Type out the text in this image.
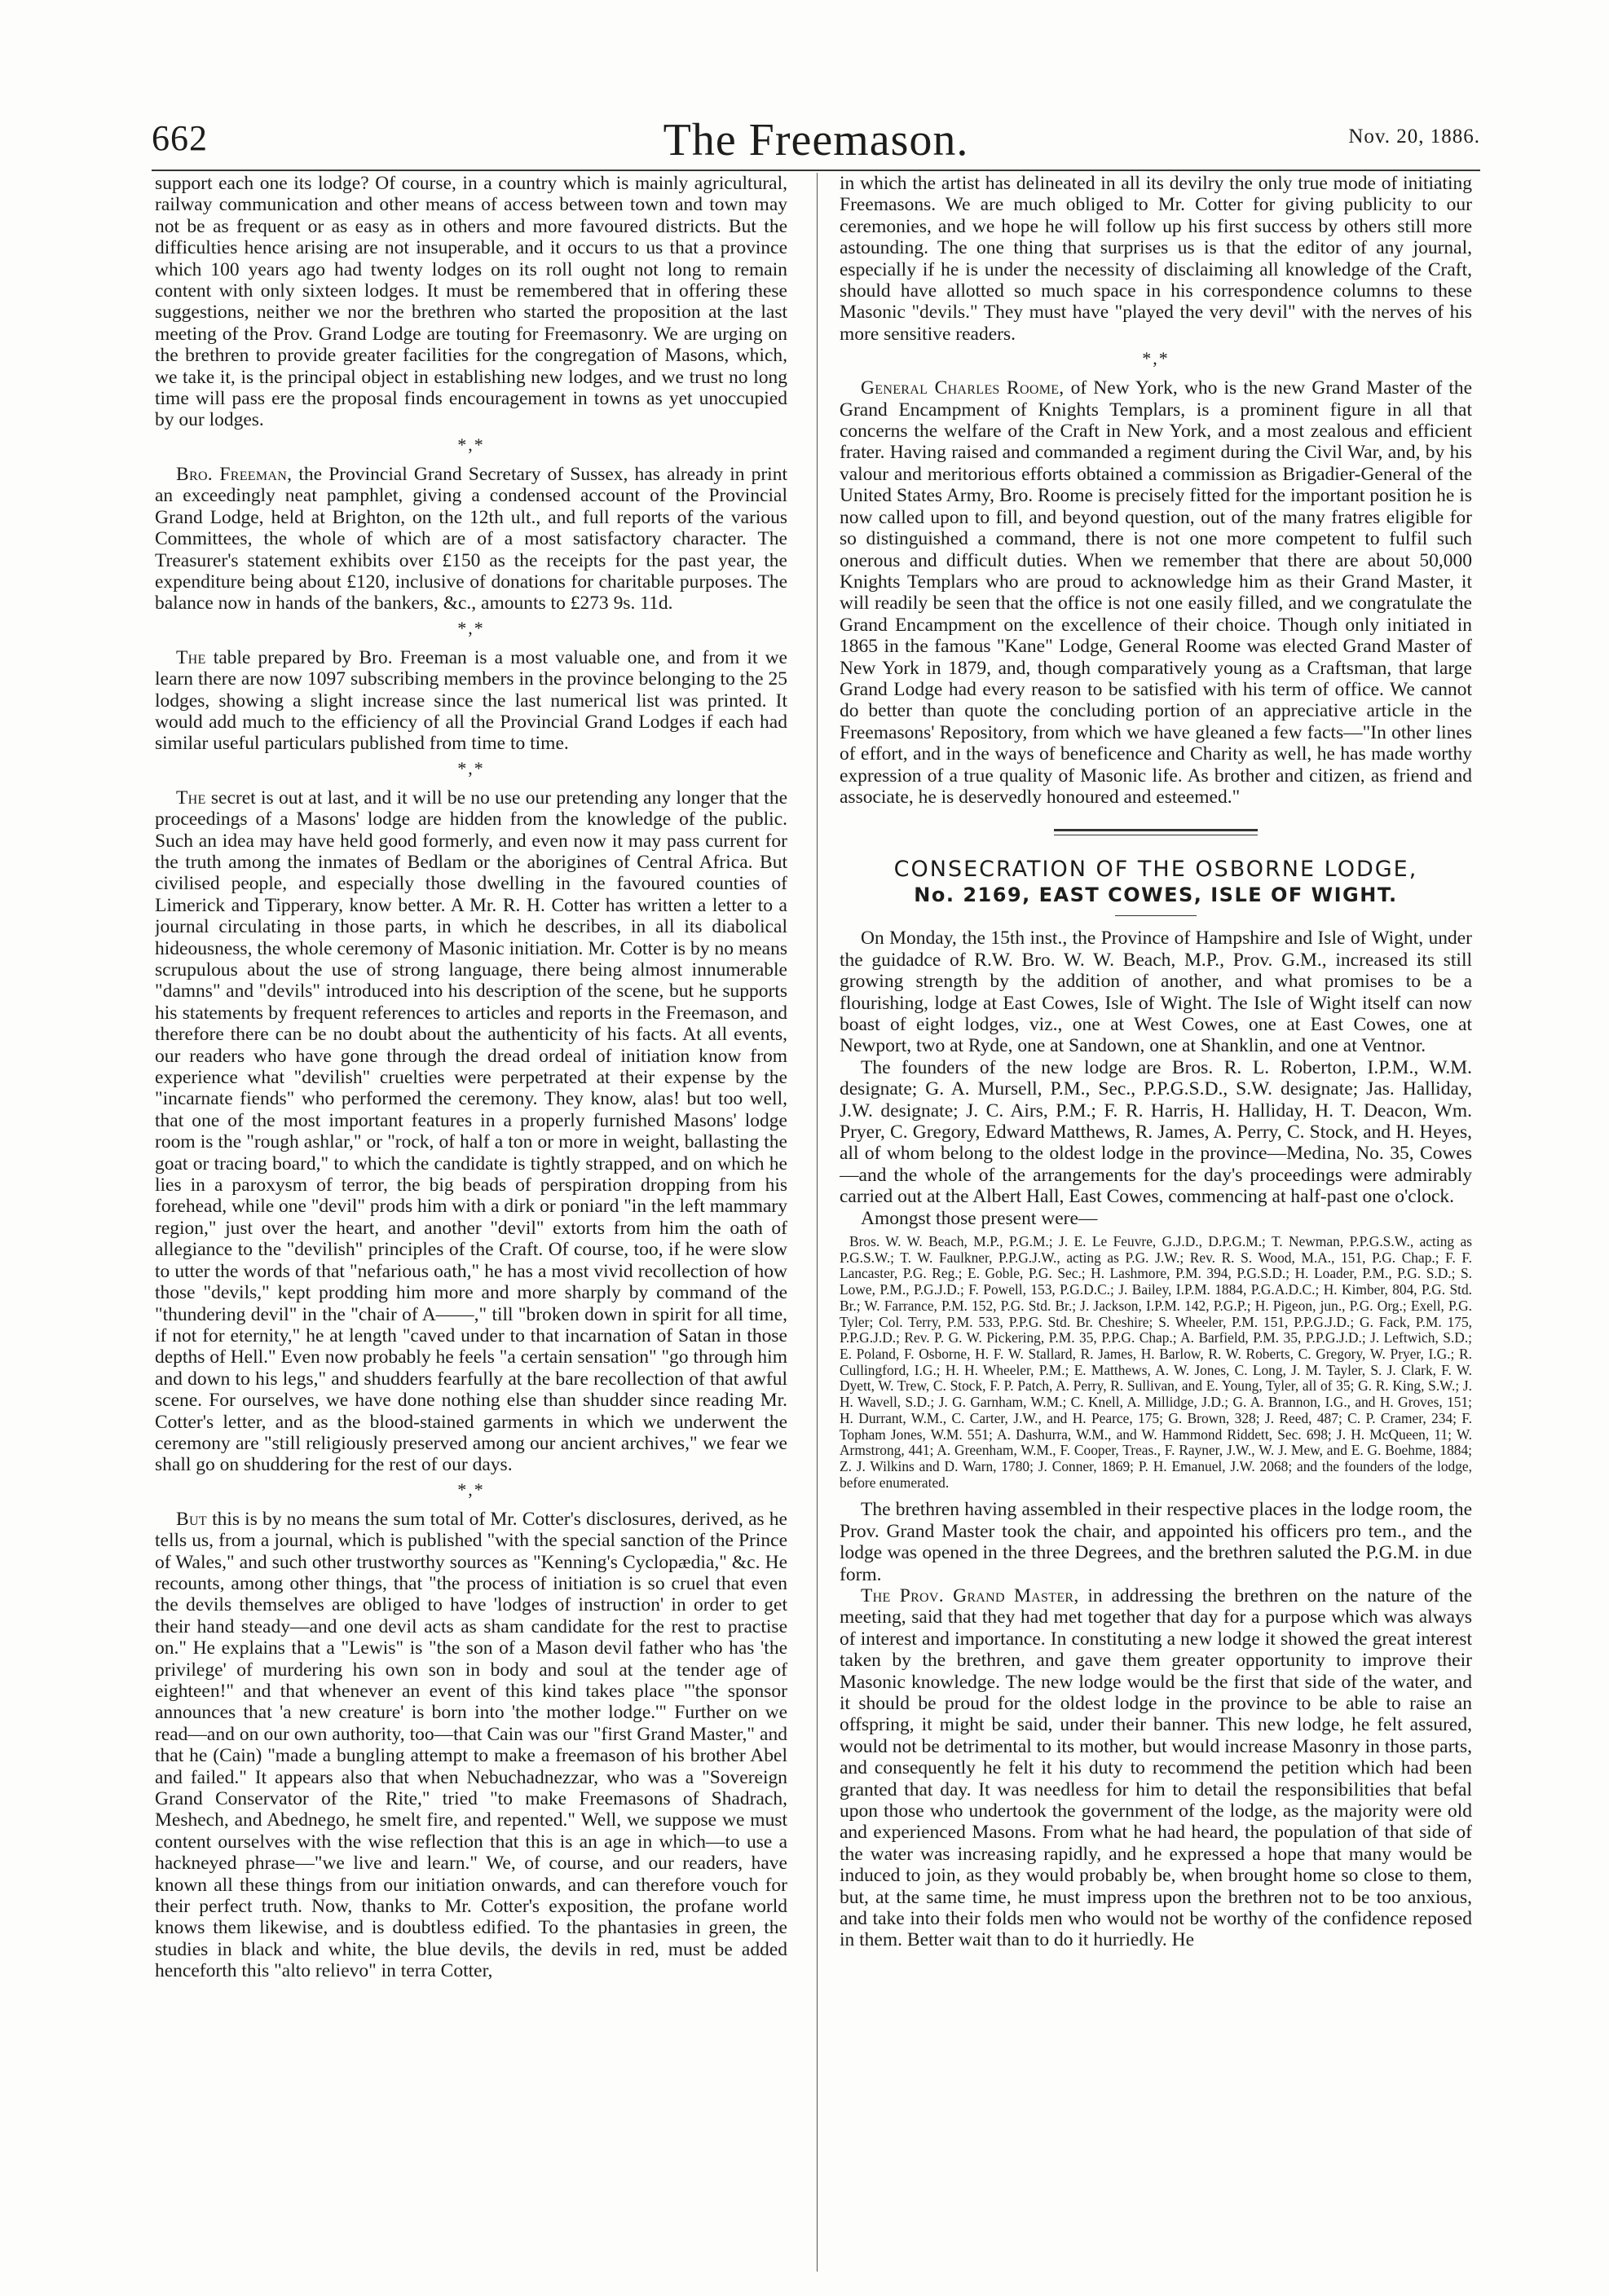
662	The Freemason.	Nov. 20, 1886.

support each one its lodge? Of course, in a country which is mainly agricultural, railway communication and other means of access between town and town may not be as frequent or as easy as in others and more favoured districts. But the difficulties hence arising are not insuperable, and it occurs to us that a province which 100 years ago had twenty lodges on its roll ought not long to remain content with only sixteen lodges. It must be remembered that in offering these suggestions, neither we nor the brethren who started the proposition at the last meeting of the Prov. Grand Lodge are touting for Freemasonry. We are urging on the brethren to provide greater facilities for the congregation of Masons, which, we take it, is the principal object in establishing new lodges, and we trust no long time will pass ere the proposal finds encouragement in towns as yet unoccupied by our lodges.

*,*

Bro. Freeman, the Provincial Grand Secretary of Sussex, has already in print an exceedingly neat pamphlet, giving a condensed account of the Provincial Grand Lodge, held at Brighton, on the 12th ult., and full reports of the various Committees, the whole of which are of a most satisfactory character. The Treasurer's statement exhibits over £150 as the receipts for the past year, the expenditure being about £120, inclusive of donations for charitable purposes. The balance now in hands of the bankers, &c., amounts to £273 9s. 11d.

*,*

The table prepared by Bro. Freeman is a most valuable one, and from it we learn there are now 1097 subscribing members in the province belonging to the 25 lodges, showing a slight increase since the last numerical list was printed. It would add much to the efficiency of all the Provincial Grand Lodges if each had similar useful particulars published from time to time.

*,*

The secret is out at last, and it will be no use our pretending any longer that the proceedings of a Masons' lodge are hidden from the knowledge of the public. Such an idea may have held good formerly, and even now it may pass current for the truth among the inmates of Bedlam or the aborigines of Central Africa. But civilised people, and especially those dwelling in the favoured counties of Limerick and Tipperary, know better. A Mr. R. H. Cotter has written a letter to a journal circulating in those parts, in which he describes, in all its diabolical hideousness, the whole ceremony of Masonic initiation. Mr. Cotter is by no means scrupulous about the use of strong language, there being almost innumerable "damns" and "devils" introduced into his description of the scene, but he supports his statements by frequent references to articles and reports in the Freemason, and therefore there can be no doubt about the authenticity of his facts. At all events, our readers who have gone through the dread ordeal of initiation know from experience what "devilish" cruelties were perpetrated at their expense by the "incarnate fiends" who performed the ceremony. They know, alas! but too well, that one of the most important features in a properly furnished Masons' lodge room is the "rough ashlar," or "rock, of half a ton or more in weight, ballasting the goat or tracing board," to which the candidate is tightly strapped, and on which he lies in a paroxysm of terror, the big beads of perspiration dropping from his forehead, while one "devil" prods him with a dirk or poniard "in the left mammary region," just over the heart, and another "devil" extorts from him the oath of allegiance to the "devilish" principles of the Craft. Of course, too, if he were slow to utter the words of that "nefarious oath," he has a most vivid recollection of how those "devils," kept prodding him more and more sharply by command of the "thundering devil" in the "chair of A——," till "broken down in spirit for all time, if not for eternity," he at length "caved under to that incarnation of Satan in those depths of Hell." Even now probably he feels "a certain sensation" "go through him and down to his legs," and shudders fearfully at the bare recollection of that awful scene. For ourselves, we have done nothing else than shudder since reading Mr. Cotter's letter, and as the blood-stained garments in which we underwent the ceremony are "still religiously preserved among our ancient archives," we fear we shall go on shuddering for the rest of our days.

*,*

But this is by no means the sum total of Mr. Cotter's disclosures, derived, as he tells us, from a journal, which is published "with the special sanction of the Prince of Wales," and such other trustworthy sources as "Kenning's Cyclopædia," &c. He recounts, among other things, that "the process of initiation is so cruel that even the devils themselves are obliged to have 'lodges of instruction' in order to get their hand steady—and one devil acts as sham candidate for the rest to practise on." He explains that a "Lewis" is "the son of a Mason devil father who has 'the privilege' of murdering his own son in body and soul at the tender age of eighteen!" and that whenever an event of this kind takes place "'the sponsor announces that 'a new creature' is born into 'the mother lodge.'" Further on we read—and on our own authority, too—that Cain was our "first Grand Master," and that he (Cain) "made a bungling attempt to make a freemason of his brother Abel and failed." It appears also that when Nebuchadnezzar, who was a "Sovereign Grand Conservator of the Rite," tried "to make Freemasons of Shadrach, Meshech, and Abednego, he smelt fire, and repented." Well, we suppose we must content ourselves with the wise reflection that this is an age in which—to use a hackneyed phrase—"we live and learn." We, of course, and our readers, have known all these things from our initiation onwards, and can therefore vouch for their perfect truth. Now, thanks to Mr. Cotter's exposition, the profane world knows them likewise, and is doubtless edified. To the phantasies in green, the studies in black and white, the blue devils, the devils in red, must be added henceforth this "alto relievo" in terra Cotter,

in which the artist has delineated in all its devilry the only true mode of initiating Freemasons. We are much obliged to Mr. Cotter for giving publicity to our ceremonies, and we hope he will follow up his first success by others still more astounding. The one thing that surprises us is that the editor of any journal, especially if he is under the necessity of disclaiming all knowledge of the Craft, should have allotted so much space in his correspondence columns to these Masonic "devils." They must have "played the very devil" with the nerves of his more sensitive readers.

*,*

General Charles Roome, of New York, who is the new Grand Master of the Grand Encampment of Knights Templars, is a prominent figure in all that concerns the welfare of the Craft in New York, and a most zealous and efficient frater. Having raised and commanded a regiment during the Civil War, and, by his valour and meritorious efforts obtained a commission as Brigadier-General of the United States Army, Bro. Roome is precisely fitted for the important position he is now called upon to fill, and beyond question, out of the many fratres eligible for so distinguished a command, there is not one more competent to fulfil such onerous and difficult duties. When we remember that there are about 50,000 Knights Templars who are proud to acknowledge him as their Grand Master, it will readily be seen that the office is not one easily filled, and we congratulate the Grand Encampment on the excellence of their choice. Though only initiated in 1865 in the famous "Kane" Lodge, General Roome was elected Grand Master of New York in 1879, and, though comparatively young as a Craftsman, that large Grand Lodge had every reason to be satisfied with his term of office. We cannot do better than quote the concluding portion of an appreciative article in the Freemasons' Repository, from which we have gleaned a few facts—"In other lines of effort, and in the ways of beneficence and Charity as well, he has made worthy expression of a true quality of Masonic life. As brother and citizen, as friend and associate, he is deservedly honoured and esteemed."

CONSECRATION OF THE OSBORNE LODGE,
No. 2169, EAST COWES, ISLE OF WIGHT.

On Monday, the 15th inst., the Province of Hampshire and Isle of Wight, under the guidadce of R.W. Bro. W. W. Beach, M.P., Prov. G.M., increased its still growing strength by the addition of another, and what promises to be a flourishing, lodge at East Cowes, Isle of Wight. The Isle of Wight itself can now boast of eight lodges, viz., one at West Cowes, one at East Cowes, one at Newport, two at Ryde, one at Sandown, one at Shanklin, and one at Ventnor.

The founders of the new lodge are Bros. R. L. Roberton, I.P.M., W.M. designate; G. A. Mursell, P.M., Sec., P.P.G.S.D., S.W. designate; Jas. Halliday, J.W. designate; J. C. Airs, P.M.; F. R. Harris, H. Halliday, H. T. Deacon, Wm. Pryer, C. Gregory, Edward Matthews, R. James, A. Perry, C. Stock, and H. Heyes, all of whom belong to the oldest lodge in the province—Medina, No. 35, Cowes—and the whole of the arrangements for the day's proceedings were admirably carried out at the Albert Hall, East Cowes, commencing at half-past one o'clock.

Amongst those present were—

Bros. W. W. Beach, M.P., P.G.M.; J. E. Le Feuvre, G.J.D., D.P.G.M.; T. Newman, P.P.G.S.W., acting as P.G.S.W.; T. W. Faulkner, P.P.G.J.W., acting as P.G. J.W.; Rev. R. S. Wood, M.A., 151, P.G. Chap.; F. F. Lancaster, P.G. Reg.; E. Goble, P.G. Sec.; H. Lashmore, P.M. 394, P.G.S.D.; H. Loader, P.M., P.G. S.D.; S. Lowe, P.M., P.G.J.D.; F. Powell, 153, P.G.D.C.; J. Bailey, I.P.M. 1884, P.G.A.D.C.; H. Kimber, 804, P.G. Std. Br.; W. Farrance, P.M. 152, P.G. Std. Br.; J. Jackson, I.P.M. 142, P.G.P.; H. Pigeon, jun., P.G. Org.; Exell, P.G. Tyler; Col. Terry, P.M. 533, P.P.G. Std. Br. Cheshire; S. Wheeler, P.M. 151, P.P.G.J.D.; G. Fack, P.M. 175, P.P.G.J.D.; Rev. P. G. W. Pickering, P.M. 35, P.P.G. Chap.; A. Barfield, P.M. 35, P.P.G.J.D.; J. Leftwich, S.D.; E. Poland, F. Osborne, H. F. W. Stallard, R. James, H. Barlow, R. W. Roberts, C. Gregory, W. Pryer, I.G.; R. Cullingford, I.G.; H. H. Wheeler, P.M.; E. Matthews, A. W. Jones, C. Long, J. M. Tayler, S. J. Clark, F. W. Dyett, W. Trew, C. Stock, F. P. Patch, A. Perry, R. Sullivan, and E. Young, Tyler, all of 35; G. R. King, S.W.; J. H. Wavell, S.D.; J. G. Garnham, W.M.; C. Knell, A. Millidge, J.D.; G. A. Brannon, I.G., and H. Groves, 151; H. Durrant, W.M., C. Carter, J.W., and H. Pearce, 175; G. Brown, 328; J. Reed, 487; C. P. Cramer, 234; F. Topham Jones, W.M. 551; A. Dashurra, W.M., and W. Hammond Riddett, Sec. 698; J. H. McQueen, 11; W. Armstrong, 441; A. Greenham, W.M., F. Cooper, Treas., F. Rayner, J.W., W. J. Mew, and E. G. Boehme, 1884; Z. J. Wilkins and D. Warn, 1780; J. Conner, 1869; P. H. Emanuel, J.W. 2068; and the founders of the lodge, before enumerated.

The brethren having assembled in their respective places in the lodge room, the Prov. Grand Master took the chair, and appointed his officers pro tem., and the lodge was opened in the three Degrees, and the brethren saluted the P.G.M. in due form.

The Prov. Grand Master, in addressing the brethren on the nature of the meeting, said that they had met together that day for a purpose which was always of interest and importance. In constituting a new lodge it showed the great interest taken by the brethren, and gave them greater opportunity to improve their Masonic knowledge. The new lodge would be the first that side of the water, and it should be proud for the oldest lodge in the province to be able to raise an offspring, it might be said, under their banner. This new lodge, he felt assured, would not be detrimental to its mother, but would increase Masonry in those parts, and consequently he felt it his duty to recommend the petition which had been granted that day. It was needless for him to detail the responsibilities that befal upon those who undertook the government of the lodge, as the majority were old and experienced Masons. From what he had heard, the population of that side of the water was increasing rapidly, and he expressed a hope that many would be induced to join, as they would probably be, when brought home so close to them, but, at the same time, he must impress upon the brethren not to be too anxious, and take into their folds men who would not be worthy of the confidence reposed in them. Better wait than to do it hurriedly. He
